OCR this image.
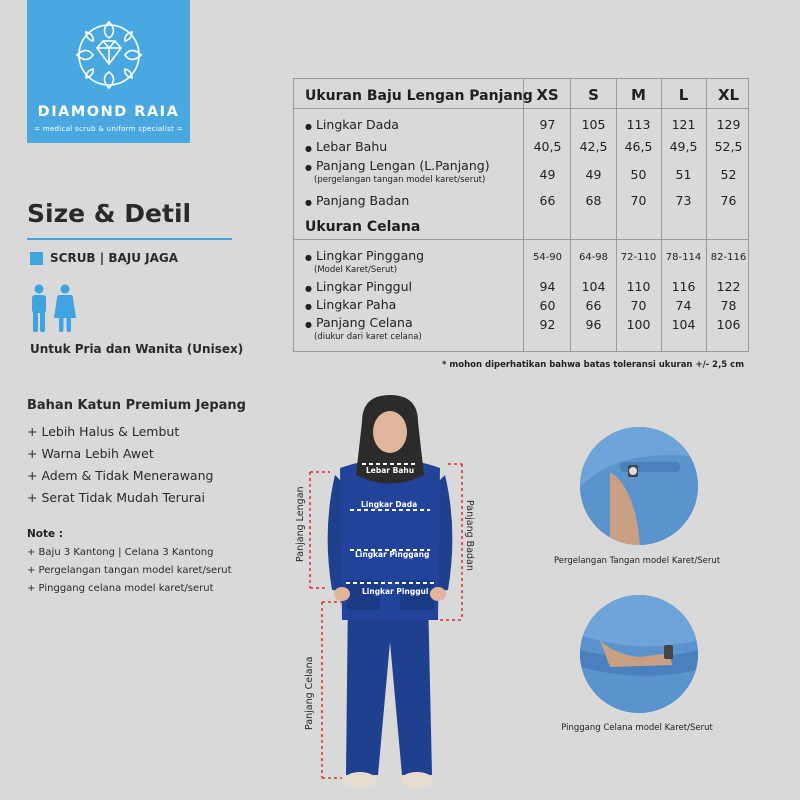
DIAMOND RAIA
= medical scrub & uniform specialist =
Size & Detil
SCRUB | BAJU JAGA
Untuk Pria dan Wanita (Unisex)
Bahan Katun Premium Jepang
+ Lebih Halus & Lembut
+ Warna Lebih Awet
+ Adem & Tidak Menerawang
+ Serat Tidak Mudah Terurai
Note :
+ Baju 3 Kantong | Celana 3 Kantong
+ Pergelangan tangan model karet/serut
+ Pinggang celana model karet/serut
Ukuran Baju Lengan Panjang XS	S	M	L	XL
● Lingkar Dada	97	105	113	121	129
● Lebar Bahu	40,5	42,5	46,5	49,5	52,5
● Panjang Lengan (L.Panjang)
(pergelangan tangan model karet/serut)	49	49	50	51	52
● Panjang Badan	66	68	70	73	76
Ukuran Celana
● Lingkar Pinggang
(Model Karet/Serut)
54-90	64-98	72-110 78-114 82-116
● Lingkar Pinggul	94	104	110	116	122
● Lingkar Paha	60	66	70	74	78
● Panjang Celana
(diukur dari karet celana)
92	96	100	104	106
* mohon diperhatikan bahwa batas toleransi ukuran +/- 2,5 cm
Lebar Bahu
Lingkar Dada
Lingkar Pinggang
Lingkar Pinggul
Panjang Lengan	Panjang Badan
Panjang Celana
Pergelangan Tangan model Karet/Serut
Pinggang Celana model Karet/Serut
